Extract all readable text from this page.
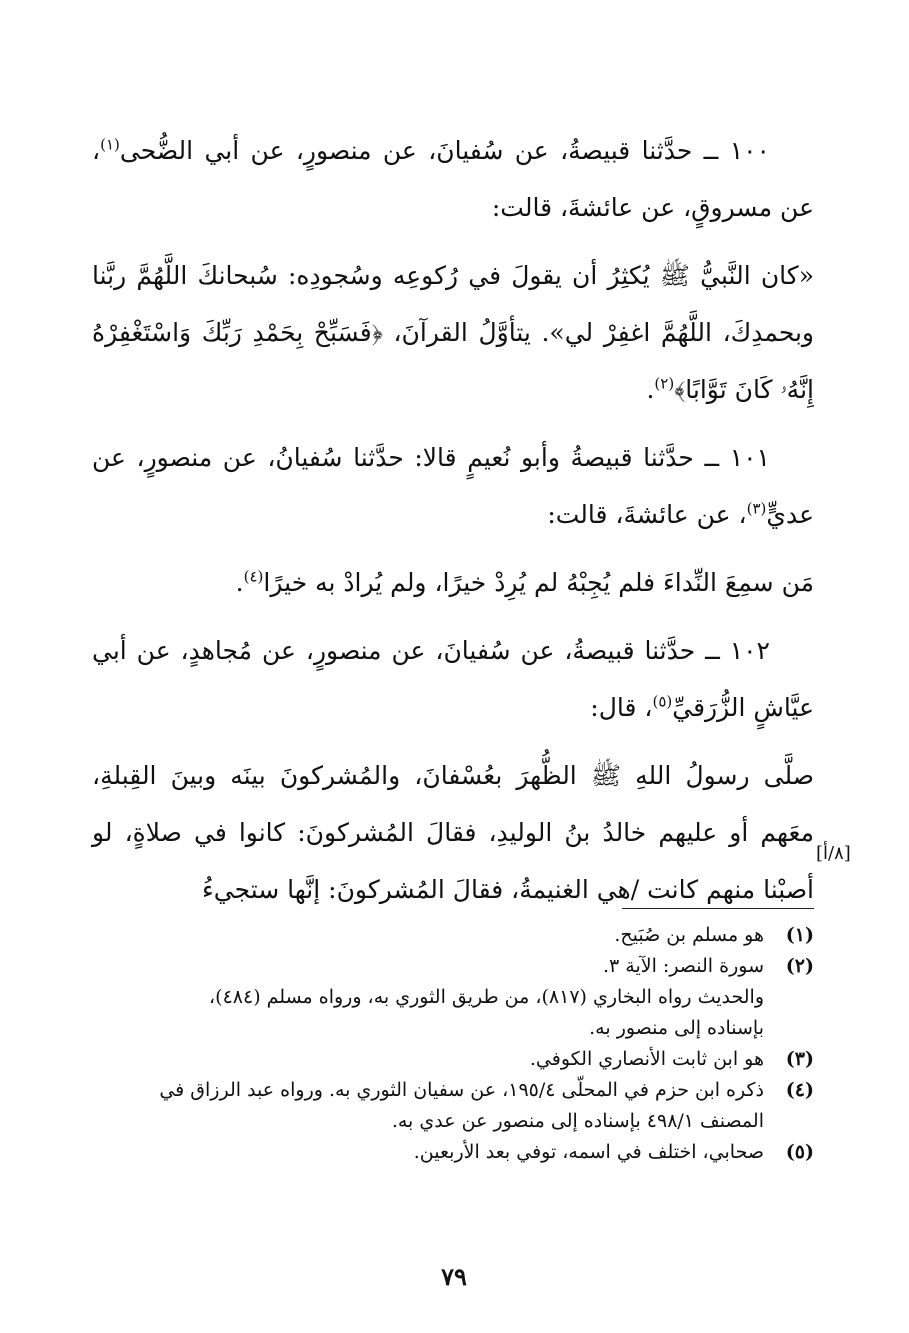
١٠٠ ــ حدَّثنا قبيصةُ، عن سُفيانَ، عن منصورٍ، عن أبي الضُّحى$^{(١)}$، عن مسروقٍ، عن عائشةَ، قالت:

«كان النَّبيُّ ﷺ يُكثِرُ أن يقولَ في رُكوعِه وسُجودِه: سُبحانكَ اللَّهُمَّ ربَّنا وبحمدِكَ، اللَّهُمَّ اغفِرْ لي». يتأوَّلُ القرآنَ، ﴿فَسَبِّحْ بِحَمْدِ رَبِّكَ وَاسْتَغْفِرْهُ إِنَّهُۥ كَانَ تَوَّابًا﴾$^{(٢)}$.

١٠١ ــ حدَّثنا قبيصةُ وأبو نُعيمٍ قالا: حدَّثنا سُفيانُ، عن منصورٍ، عن عديٍّ$^{(٣)}$، عن عائشةَ، قالت:

مَن سمِعَ النِّداءَ فلم يُجِبْهُ لم يُرِدْ خيرًا، ولم يُرادْ به خيرًا$^{(٤)}$.

١٠٢ ــ حدَّثنا قبيصةُ، عن سُفيانَ، عن منصورٍ، عن مُجاهدٍ، عن أبي عيَّاشٍ الزُّرَقيِّ$^{(٥)}$، قال:

صلَّى رسولُ اللهِ ﷺ الظُّهرَ بعُسْفانَ، والمُشركونَ بينَه وبينَ القِبلةِ، معَهم أو عليهم خالدُ بنُ الوليدِ، فقالَ المُشركونَ: كانوا في صلاةٍ، لو أصبْنا منهم كانت /هي الغنيمةُ، فقالَ المُشركونَ: إنَّها ستجيءُ

[٨/أ]
(١)
هو مسلم بن صُبَيح.
(٢)
سورة النصر: الآية ٣.
والحديث رواه البخاري (٨١٧)، من طريق الثوري به، ورواه مسلم (٤٨٤)،
بإسناده إلى منصور به.
(٣)
هو ابن ثابت الأنصاري الكوفي.
(٤)
ذكره ابن حزم في المحلّى ١٩٥/٤، عن سفيان الثوري به. ورواه عبد الرزاق في
المصنف ٤٩٨/١ بإسناده إلى منصور عن عدي به.
(٥)
صحابي، اختلف في اسمه، توفي بعد الأربعين.
٧٩
